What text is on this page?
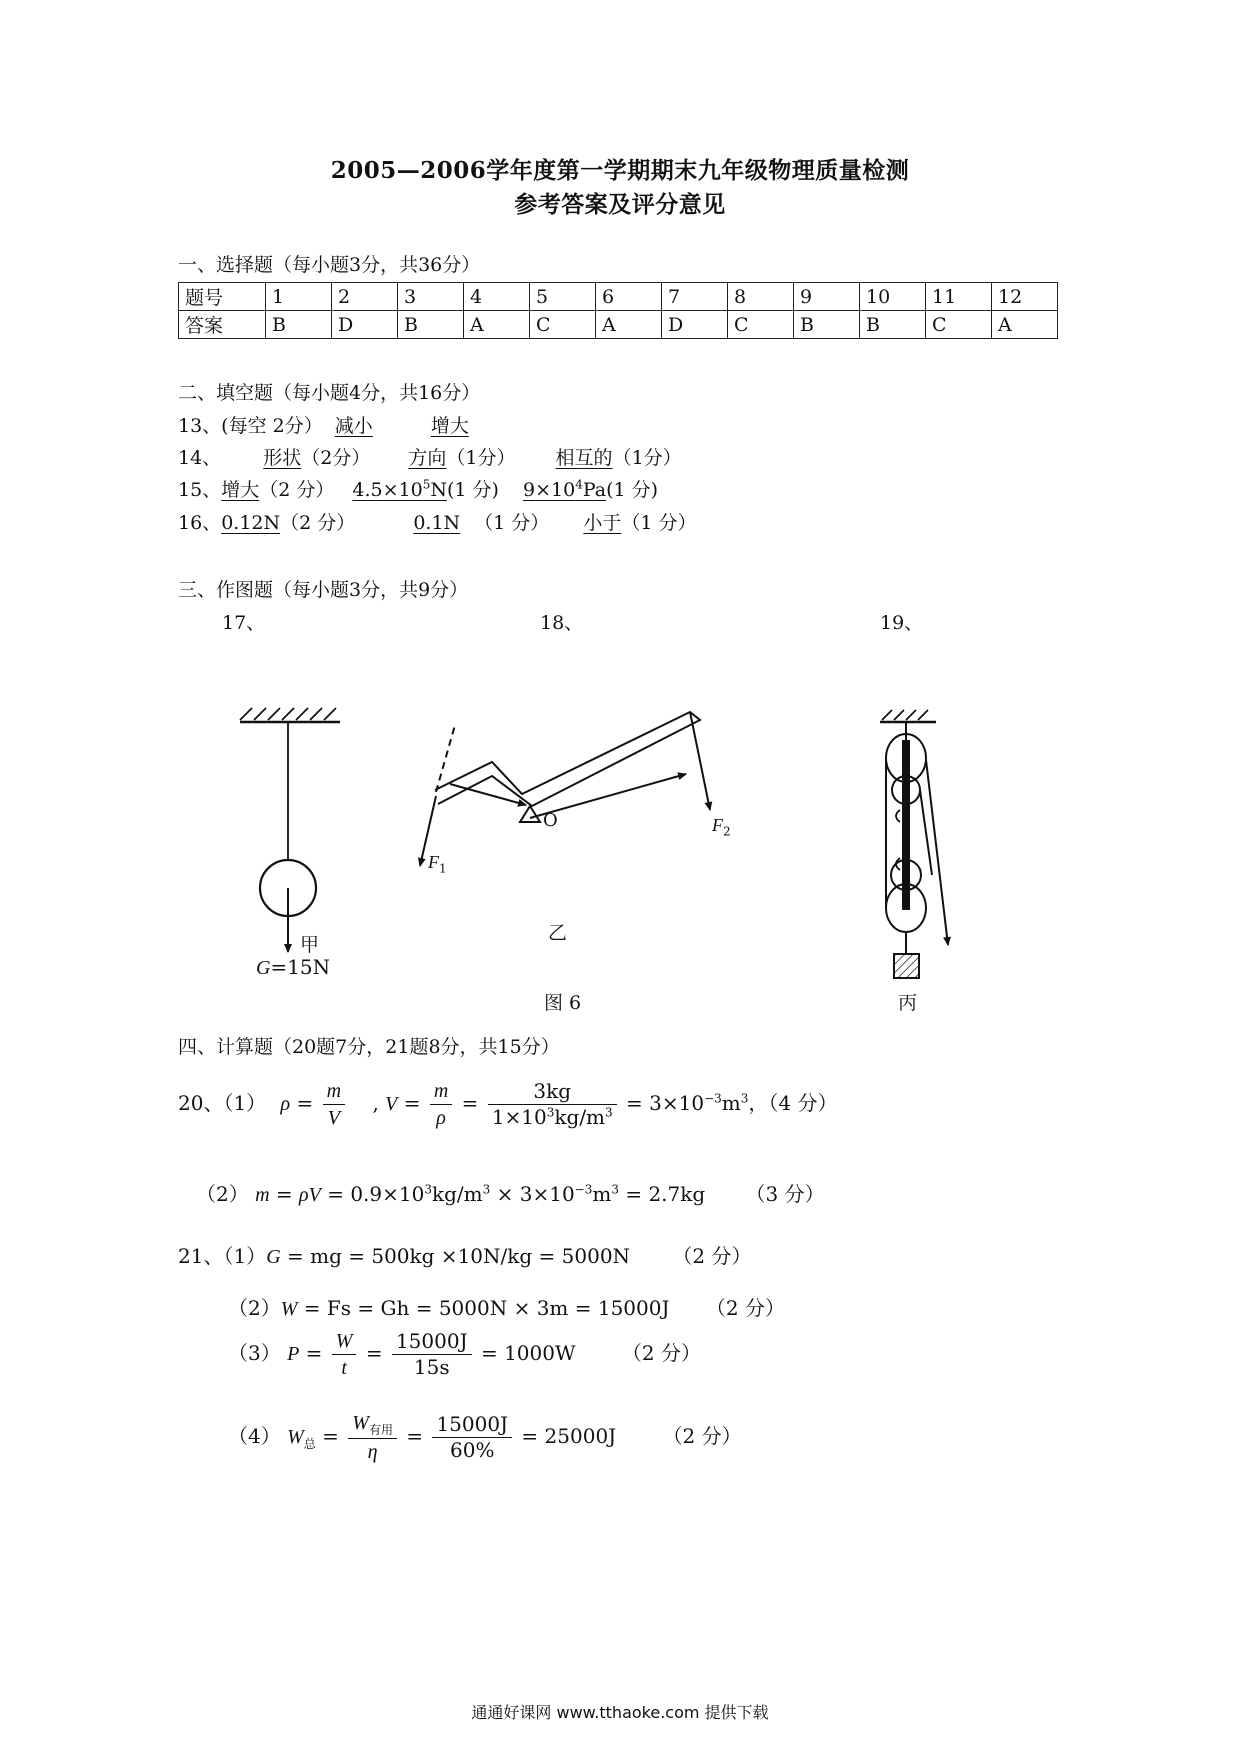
2005—2006学年度第一学期期末九年级物理质量检测
参考答案及评分意见
一、选择题（每小题3分，共36分）
题号	1	2	3	4	5	6	7	8	9	10	11	12
答案	B	D	B	A	C	A	D	C	B	B	C	A
二、填空题（每小题4分，共16分）
13、(每空 2分） 减小	增大
14、 形状（2分） 方向（1分） 相互的（1分）
15、增大（2 分） $4.5\times 10^5N(1$ 分) $9\times 10^4Pa(1$ 分)
16、0.12N（2 分）	0.1N （1 分） 小于（1 分）
三、作图题（每小题3分，共9分）
17、	18、	19、
甲
G=15N
$F_1$
$F_2$
O
乙
图 6	丙
四、计算题（20题7分，21题8分，共15分）
20、（1） $\rho = \frac{m}{V}$ , $V = \frac{m}{\rho} = \frac{3kg}{1\times 10^3kg/m^3} = 3\times 10^{-3}m^3$，（4 分）
（2） $m = \rho V = 0.9\times 10^3kg/m^3 \times 3\times 10^{-3}m^3 = 2.7kg$ （3 分）
21、（1）G = mg = 500kg ×10N/kg = 5000N （2 分）
（2）W = Fs = Gh = 5000N × 3m = 15000J （2 分）
（3） $P = \frac{W}{t} = \frac{15000J}{15s} = 1000W$ （2 分）
（4） $W_总 = \frac{W_{有用}}{\eta} = \frac{15000J}{60\%} = 25000J$ （2 分）
通通好课网 www.tthaoke.com 提供下载
